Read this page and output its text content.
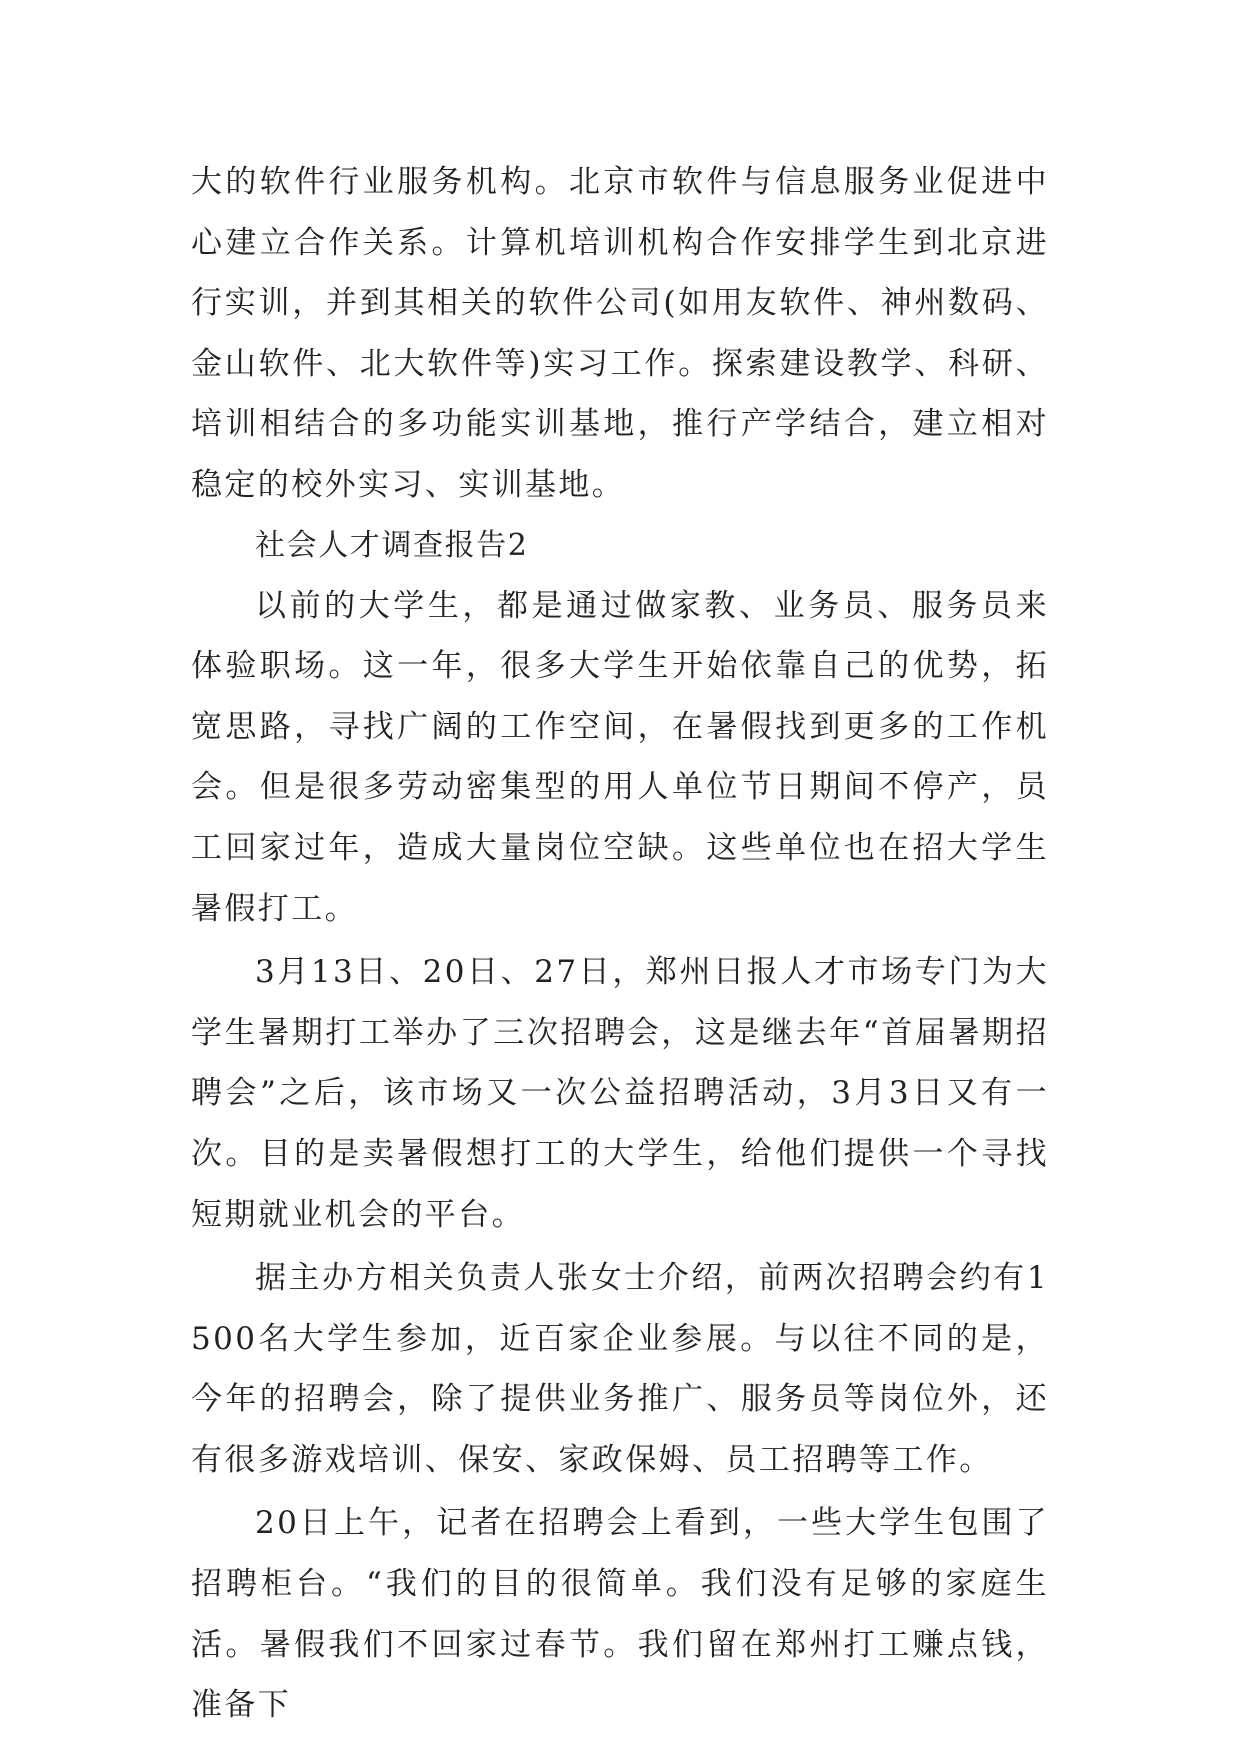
大的软件行业服务机构。北京市软件与信息服务业促进中心建立合作关系。计算机培训机构合作安排学生到北京进行实训，并到其相关的软件公司(如用友软件、神州数码、金山软件、北大软件等)实习工作。探索建设教学、科研、培训相结合的多功能实训基地，推行产学结合，建立相对稳定的校外实习、实训基地。

社会人才调查报告2

以前的大学生，都是通过做家教、业务员、服务员来体验职场。这一年，很多大学生开始依靠自己的优势，拓宽思路，寻找广阔的工作空间，在暑假找到更多的工作机会。但是很多劳动密集型的用人单位节日期间不停产，员工回家过年，造成大量岗位空缺。这些单位也在招大学生暑假打工。

3月13日、20日、27日，郑州日报人才市场专门为大学生暑期打工举办了三次招聘会，这是继去年“首届暑期招聘会”之后，该市场又一次公益招聘活动，3月3日又有一次。目的是卖暑假想打工的大学生，给他们提供一个寻找短期就业机会的平台。

据主办方相关负责人张女士介绍，前两次招聘会约有1500名大学生参加，近百家企业参展。与以往不同的是，今年的招聘会，除了提供业务推广、服务员等岗位外，还有很多游戏培训、保安、家政保姆、员工招聘等工作。

20日上午，记者在招聘会上看到，一些大学生包围了招聘柜台。“我们的目的很简单。我们没有足够的家庭生活。暑假我们不回家过春节。我们留在郑州打工赚点钱，准备下
